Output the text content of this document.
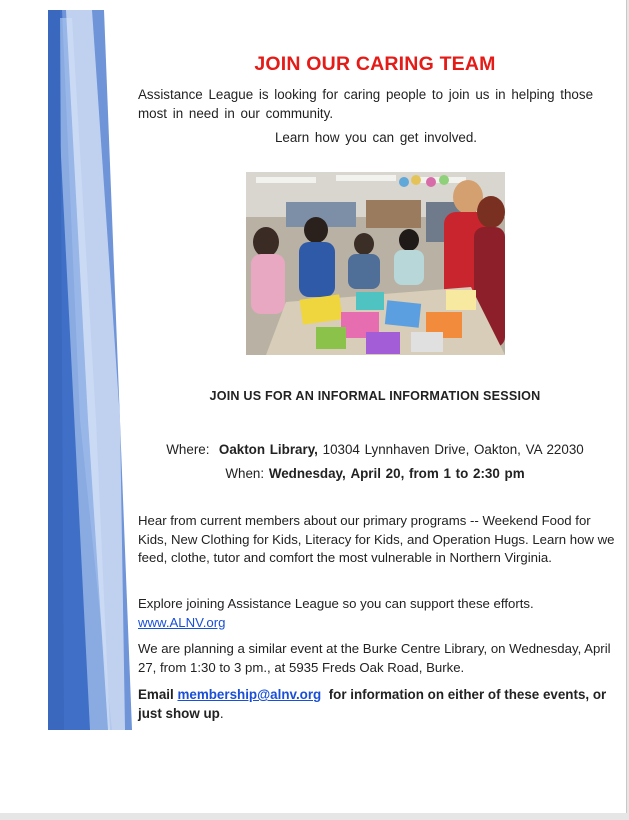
JOIN OUR CARING TEAM
Assistance League is looking for caring people to join us in helping those most in need in our community.
Learn how you can get involved.
JOIN US FOR AN INFORMAL INFORMATION SESSION
Where: Oakton Library, 10304 Lynnhaven Drive, Oakton, VA 22030
When: Wednesday, April 20, from 1 to 2:30 pm
Hear from current members about our primary programs -- Weekend Food for Kids, New Clothing for Kids, Literacy for Kids, and Operation Hugs. Learn how we feed, clothe, tutor and comfort the most vulnerable in Northern Virginia.
Explore joining Assistance League so you can support these efforts.
www.ALNV.org
We are planning a similar event at the Burke Centre Library, on Wednesday, April 27, from 1:30 to 3 pm., at 5935 Freds Oak Road, Burke.
Email membership@alnv.org for information on either of these events, or just show up.
